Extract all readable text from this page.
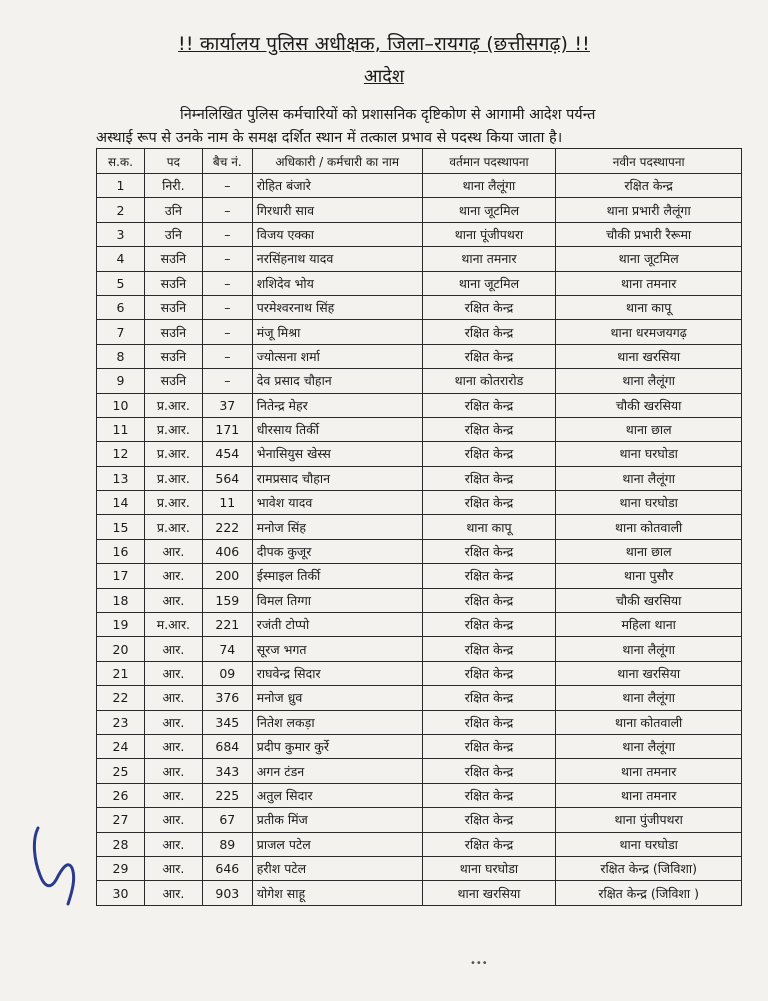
!! कार्यालय पुलिस अधीक्षक, जिला–रायगढ़ (छत्तीसगढ़) !!
आदेश
निम्नलिखित पुलिस कर्मचारियों को प्रशासनिक दृष्टिकोण से आगामी आदेश पर्यन्त
अस्थाई रूप से उनके नाम के समक्ष दर्शित स्थान में तत्काल प्रभाव से पदस्थ किया जाता है।
स.क.	पद	बैच नं.	अधिकारी / कर्मचारी का नाम	वर्तमान पदस्थापना	नवीन पदस्थापना
1	निरी.	–	रोहित बंजारे	थाना लैलूंगा	रक्षित केन्द्र
2	उनि	–	गिरधारी साव	थाना जूटमिल	थाना प्रभारी लैलूंगा
3	उनि	–	विजय एक्का	थाना पूंजीपथरा	चौकी प्रभारी रैरूमा
4	सउनि	–	नरसिंहनाथ यादव	थाना तमनार	थाना जूटमिल
5	सउनि	–	शशिदेव भोय	थाना जूटमिल	थाना तमनार
6	सउनि	–	परमेश्वरनाथ सिंह	रक्षित केन्द्र	थाना कापू
7	सउनि	–	मंजू मिश्रा	रक्षित केन्द्र	थाना धरमजयगढ़
8	सउनि	–	ज्योत्सना शर्मा	रक्षित केन्द्र	थाना खरसिया
9	सउनि	–	देव प्रसाद चौहान	थाना कोतरारोड	थाना लैलूंगा
10	प्र.आर.	37	नितेन्द्र मेहर	रक्षित केन्द्र	चौकी खरसिया
11	प्र.आर.	171	धीरसाय तिर्की	रक्षित केन्द्र	थाना छाल
12	प्र.आर.	454	भेनासियुस खेस्स	रक्षित केन्द्र	थाना घरघोडा
13	प्र.आर.	564	रामप्रसाद चौहान	रक्षित केन्द्र	थाना लैलूंगा
14	प्र.आर.	11	भावेश यादव	रक्षित केन्द्र	थाना घरघोडा
15	प्र.आर.	222	मनोज सिंह	थाना कापू	थाना कोतवाली
16	आर.	406	दीपक कुजूर	रक्षित केन्द्र	थाना छाल
17	आर.	200	ईस्माइल तिर्की	रक्षित केन्द्र	थाना पुसौर
18	आर.	159	विमल तिग्गा	रक्षित केन्द्र	चौकी खरसिया
19	म.आर.	221	रजंती टोप्पो	रक्षित केन्द्र	महिला थाना
20	आर.	74	सूरज भगत	रक्षित केन्द्र	थाना लैलूंगा
21	आर.	09	राघवेन्द्र सिदार	रक्षित केन्द्र	थाना खरसिया
22	आर.	376	मनोज ध्रुव	रक्षित केन्द्र	थाना लैलूंगा
23	आर.	345	नितेश लकड़ा	रक्षित केन्द्र	थाना कोतवाली
24	आर.	684	प्रदीप कुमार कुर्रे	रक्षित केन्द्र	थाना लैलूंगा
25	आर.	343	अगन टंडन	रक्षित केन्द्र	थाना तमनार
26	आर.	225	अतुल सिदार	रक्षित केन्द्र	थाना तमनार
27	आर.	67	प्रतीक मिंज	रक्षित केन्द्र	थाना पुंजीपथरा
28	आर.	89	प्राजल पटेल	रक्षित केन्द्र	थाना घरघोडा
29	आर.	646	हरीश पटेल	थाना घरघोडा	रक्षित केन्द्र (जिविशा)
30	आर.	903	योगेश साहू	थाना खरसिया	रक्षित केन्द्र (जिविशा )
•••
